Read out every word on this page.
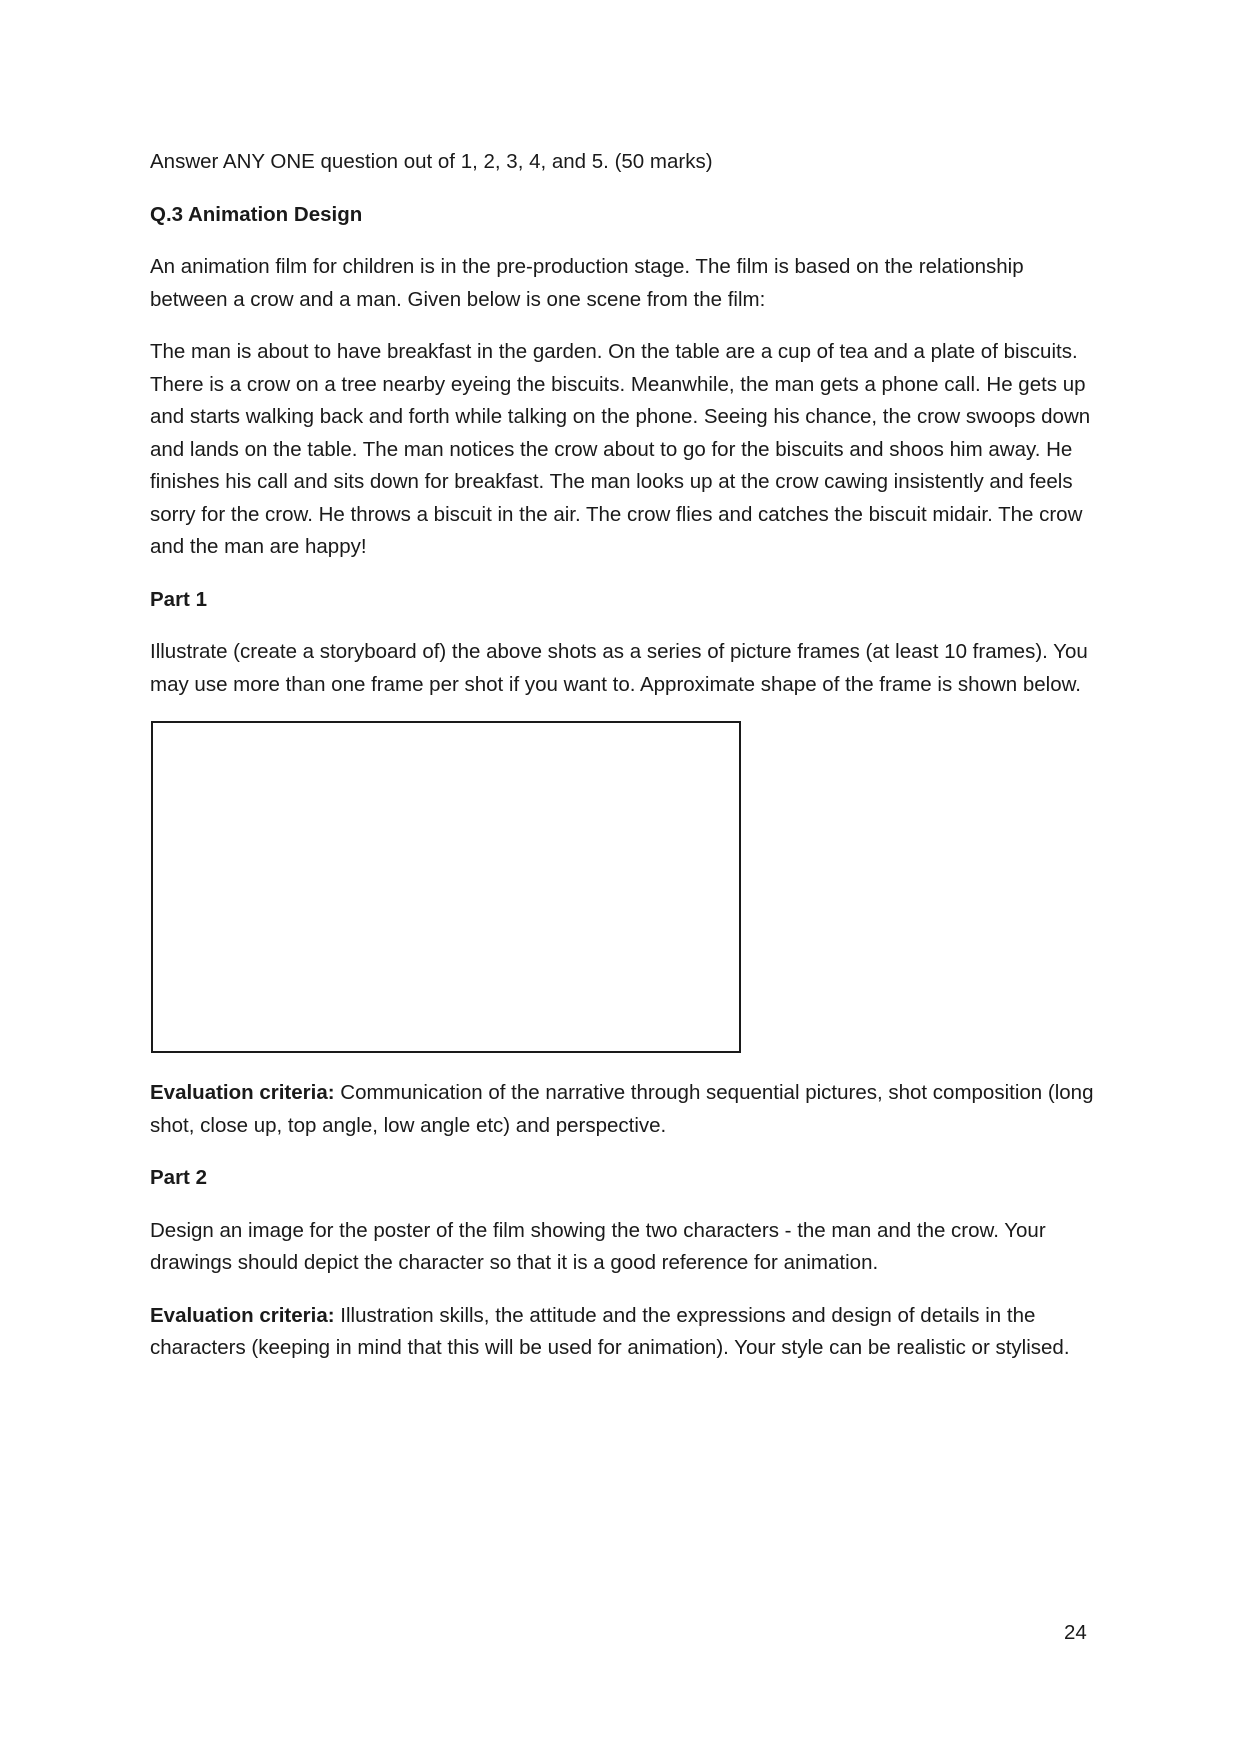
Answer ANY ONE question out of 1, 2, 3, 4, and 5. (50 marks)

Q.3 Animation Design

An animation film for children is in the pre-production stage. The film is based on the relationship between a crow and a man. Given below is one scene from the film:

The man is about to have breakfast in the garden. On the table are a cup of tea and a plate of biscuits. There is a crow on a tree nearby eyeing the biscuits. Meanwhile, the man gets a phone call. He gets up and starts walking back and forth while talking on the phone. Seeing his chance, the crow swoops down and lands on the table. The man notices the crow about to go for the biscuits and shoos him away. He finishes his call and sits down for breakfast. The man looks up at the crow cawing insistently and feels sorry for the crow. He throws a biscuit in the air. The crow flies and catches the biscuit midair. The crow and the man are happy!

Part 1

Illustrate (create a storyboard of) the above shots as a series of picture frames (at least 10 frames). You may use more than one frame per shot if you want to. Approximate shape of the frame is shown below.

Evaluation criteria: Communication of the narrative through sequential pictures, shot composition (long shot, close up, top angle, low angle etc) and perspective.

Part 2

Design an image for the poster of the film showing the two characters - the man and the crow. Your drawings should depict the character so that it is a good reference for animation.

Evaluation criteria: Illustration skills, the attitude and the expressions and design of details in the characters (keeping in mind that this will be used for animation). Your style can be realistic or stylised.

24
